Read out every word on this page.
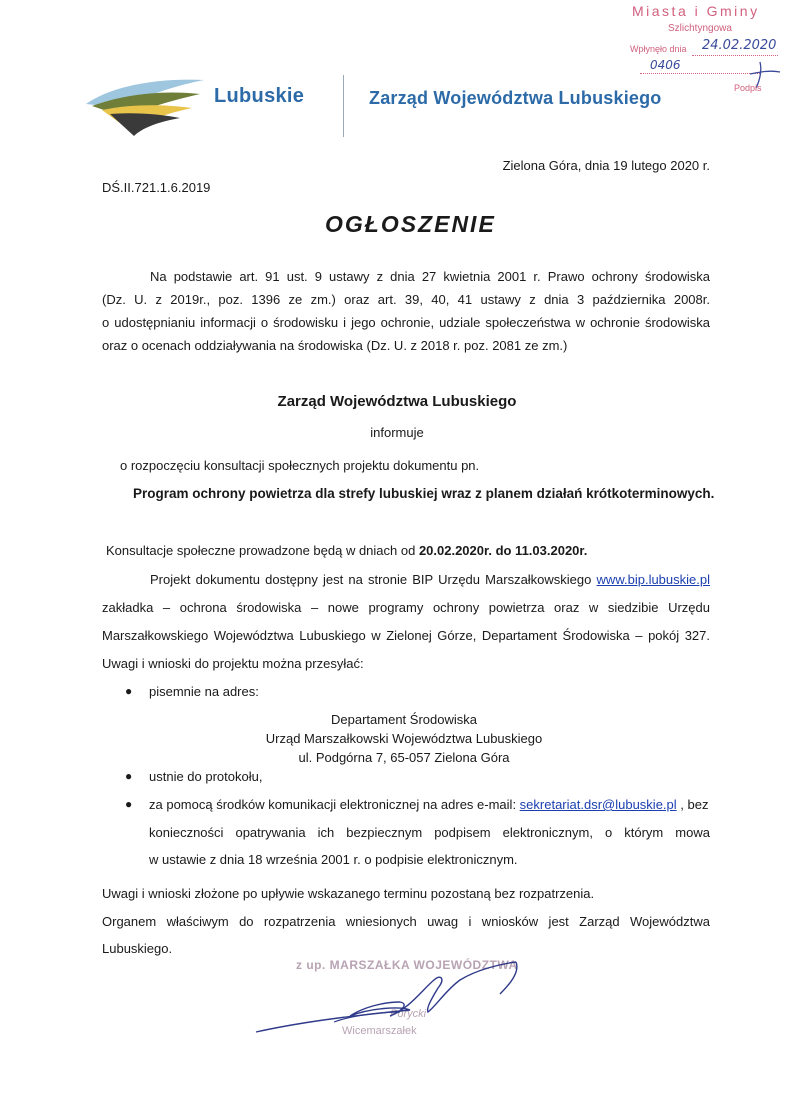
Lubuskie	Zarząd Województwa Lubuskiego
Miasta i Gminy
Szlichtyngowa
Wpłynęło dnia 24.02.2020
0406
Podpis
Zielona Góra, dnia 19 lutego 2020 r.
DŚ.II.721.1.6.2019
OGŁOSZENIE
Na podstawie art. 91 ust. 9 ustawy z dnia 27 kwietnia 2001 r. Prawo ochrony środowiska
(Dz. U. z 2019r., poz. 1396 ze zm.) oraz art. 39, 40, 41 ustawy z dnia 3 października 2008r.
o udostępnianiu informacji o środowisku i jego ochronie, udziale społeczeństwa w ochronie środowiska
oraz o ocenach oddziaływania na środowiska (Dz. U. z 2018 r. poz. 2081 ze zm.)
Zarząd Województwa Lubuskiego
informuje
o rozpoczęciu konsultacji społecznych projektu dokumentu pn.
Program ochrony powietrza dla strefy lubuskiej wraz z planem działań krótkoterminowych.
Konsultacje społeczne prowadzone będą w dniach od 20.02.2020r. do 11.03.2020r.
Projekt dokumentu dostępny jest na stronie BIP Urzędu Marszałkowskiego www.bip.lubuskie.pl
zakładka – ochrona środowiska – nowe programy ochrony powietrza oraz w siedzibie Urzędu
Marszałkowskiego Województwa Lubuskiego w Zielonej Górze, Departament Środowiska – pokój 327.
Uwagi i wnioski do projektu można przesyłać:
● pisemnie na adres:
Departament Środowiska
Urząd Marszałkowski Województwa Lubuskiego
ul. Podgórna 7, 65-057 Zielona Góra
● ustnie do protokołu,
● za pomocą środków komunikacji elektronicznej na adres e-mail: sekretariat.dsr@lubuskie.pl , bez
konieczności opatrywania ich bezpiecznym podpisem elektronicznym, o którym mowa
w ustawie z dnia 18 września 2001 r. o podpisie elektronicznym.
Uwagi i wnioski złożone po upływie wskazanego terminu pozostaną bez rozpatrzenia.
Organem właściwym do rozpatrzenia wniesionych uwag i wniosków jest Zarząd Województwa
Lubuskiego.
z up. MARSZAŁKA WOJEWÓDZTWA
Porycki
Wicemarszałek
